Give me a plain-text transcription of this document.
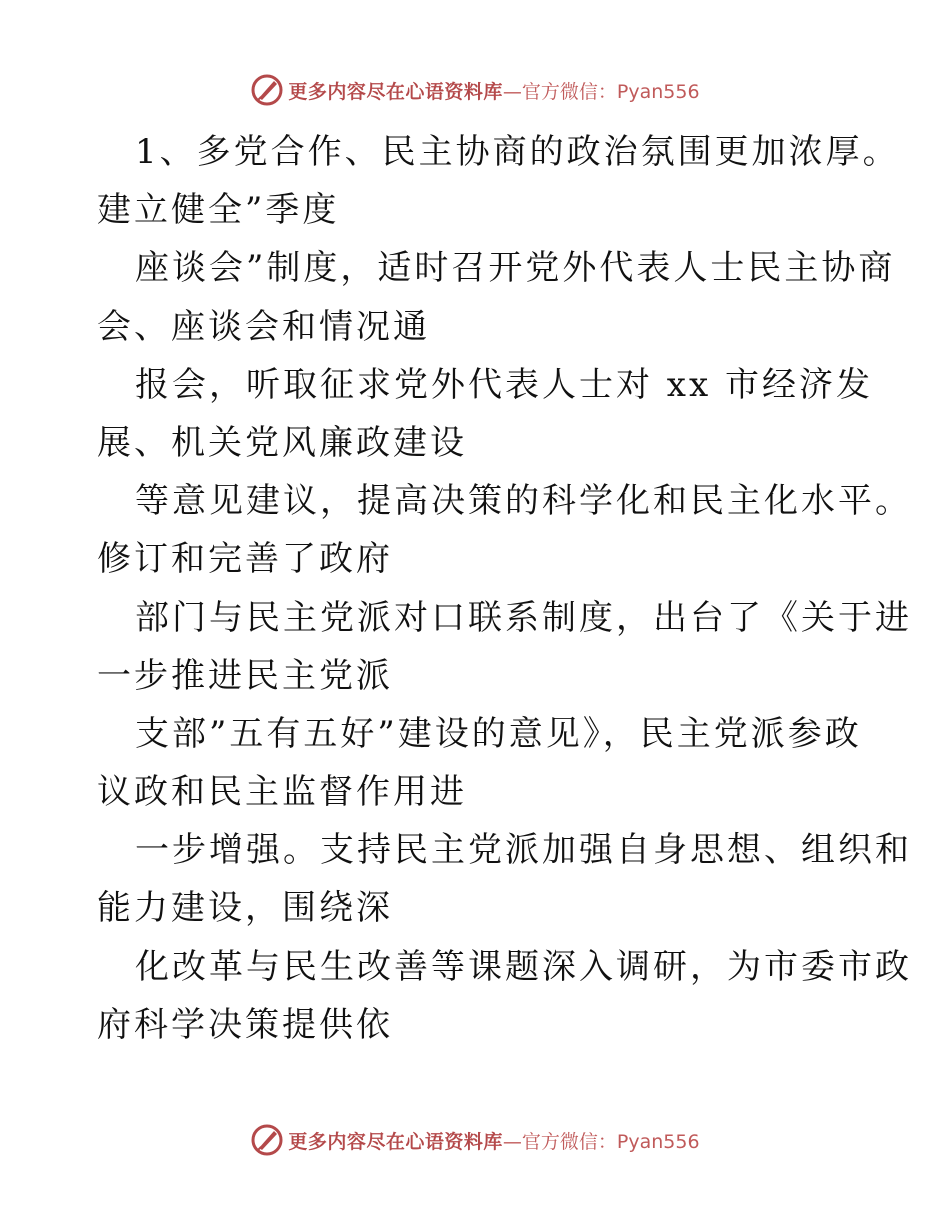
更多内容尽在心语资料库 —官方微信：Pyan556
1、多党合作、民主协商的政治氛围更加浓厚。
建立健全”季度
座谈会”制度，适时召开党外代表人士民主协商
会、座谈会和情况通
报会，听取征求党外代表人士对 xx 市经济发
展、机关党风廉政建设
等意见建议，提高决策的科学化和民主化水平。
修订和完善了政府
部门与民主党派对口联系制度，出台了《关于进
一步推进民主党派
支部”五有五好”建设的意见》，民主党派参政
议政和民主监督作用进
一步增强。支持民主党派加强自身思想、组织和
能力建设，围绕深
化改革与民生改善等课题深入调研，为市委市政
府科学决策提供依
更多内容尽在心语资料库 —官方微信：Pyan556
